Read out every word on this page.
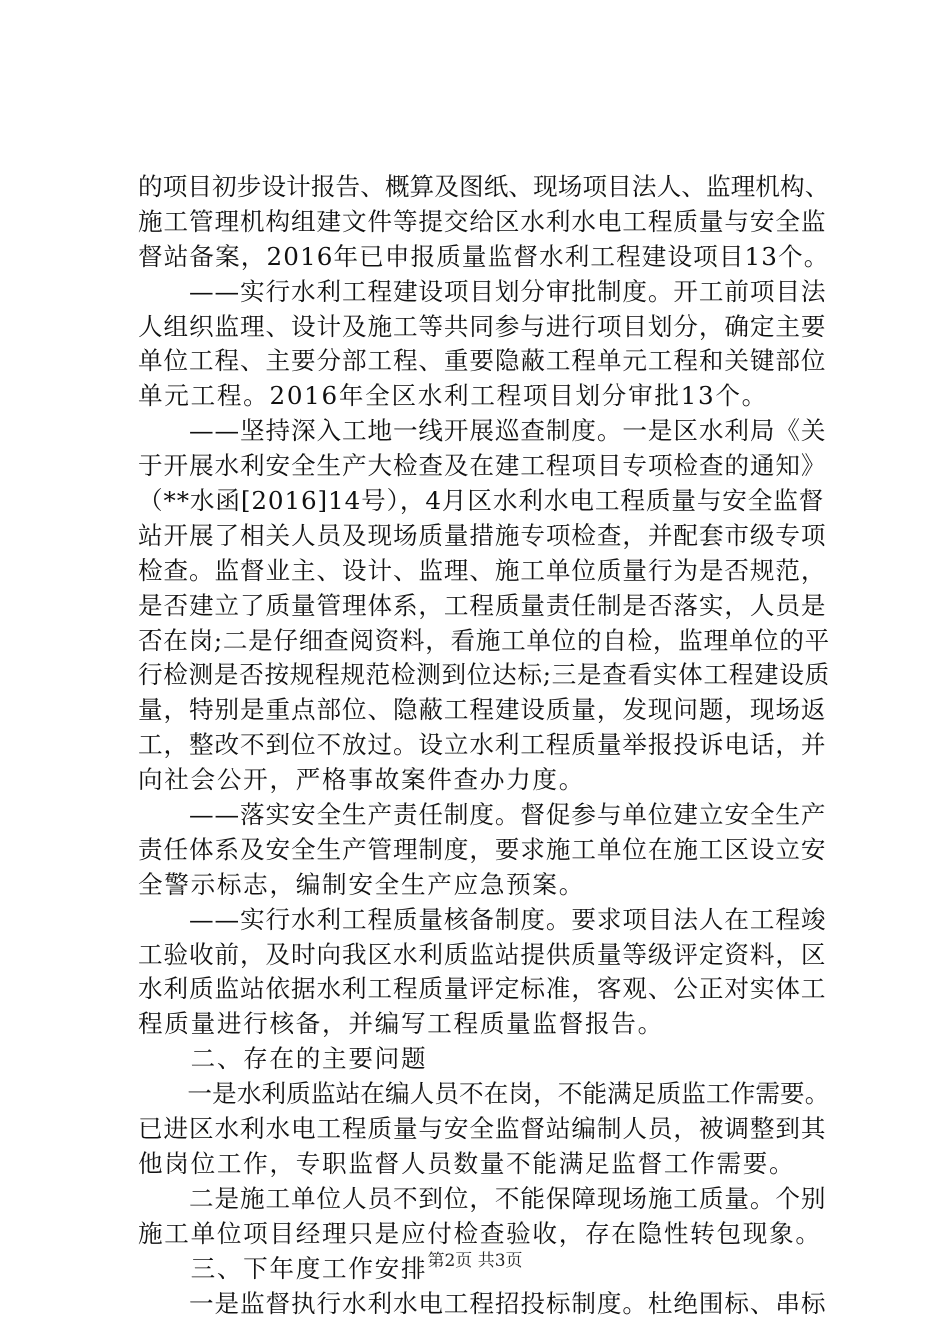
的项目初步设计报告、概算及图纸、现场项目法人、监理机构、
施工管理机构组建文件等提交给区水利水电工程质量与安全监
督站备案，2016年已申报质量监督水利工程建设项目13个。
　　——实行水利工程建设项目划分审批制度。开工前项目法
人组织监理、设计及施工等共同参与进行项目划分，确定主要
单位工程、主要分部工程、重要隐蔽工程单元工程和关键部位
单元工程。2016年全区水利工程项目划分审批13个。
　　——坚持深入工地一线开展巡查制度。一是区水利局《关
于开展水利安全生产大检查及在建工程项目专项检查的通知》
（**水函[2016]14号），4月区水利水电工程质量与安全监督
站开展了相关人员及现场质量措施专项检查，并配套市级专项
检查。监督业主、设计、监理、施工单位质量行为是否规范，
是否建立了质量管理体系，工程质量责任制是否落实，人员是
否在岗;二是仔细查阅资料，看施工单位的自检，监理单位的平
行检测是否按规程规范检测到位达标;三是查看实体工程建设质
量，特别是重点部位、隐蔽工程建设质量，发现问题，现场返
工，整改不到位不放过。设立水利工程质量举报投诉电话，并
向社会公开，严格事故案件查办力度。
　　——落实安全生产责任制度。督促参与单位建立安全生产
责任体系及安全生产管理制度，要求施工单位在施工区设立安
全警示标志，编制安全生产应急预案。
　　——实行水利工程质量核备制度。要求项目法人在工程竣
工验收前，及时向我区水利质监站提供质量等级评定资料，区
水利质监站依据水利工程质量评定标准，客观、公正对实体工
程质量进行核备，并编写工程质量监督报告。
　　二、存在的主要问题
　　一是水利质监站在编人员不在岗，不能满足质监工作需要。
已进区水利水电工程质量与安全监督站编制人员，被调整到其
他岗位工作，专职监督人员数量不能满足监督工作需要。
　　二是施工单位人员不到位，不能保障现场施工质量。个别
施工单位项目经理只是应付检查验收，存在隐性转包现象。
　　三、下年度工作安排
　　一是监督执行水利水电工程招投标制度。杜绝围标、串标
第2页 共3页
